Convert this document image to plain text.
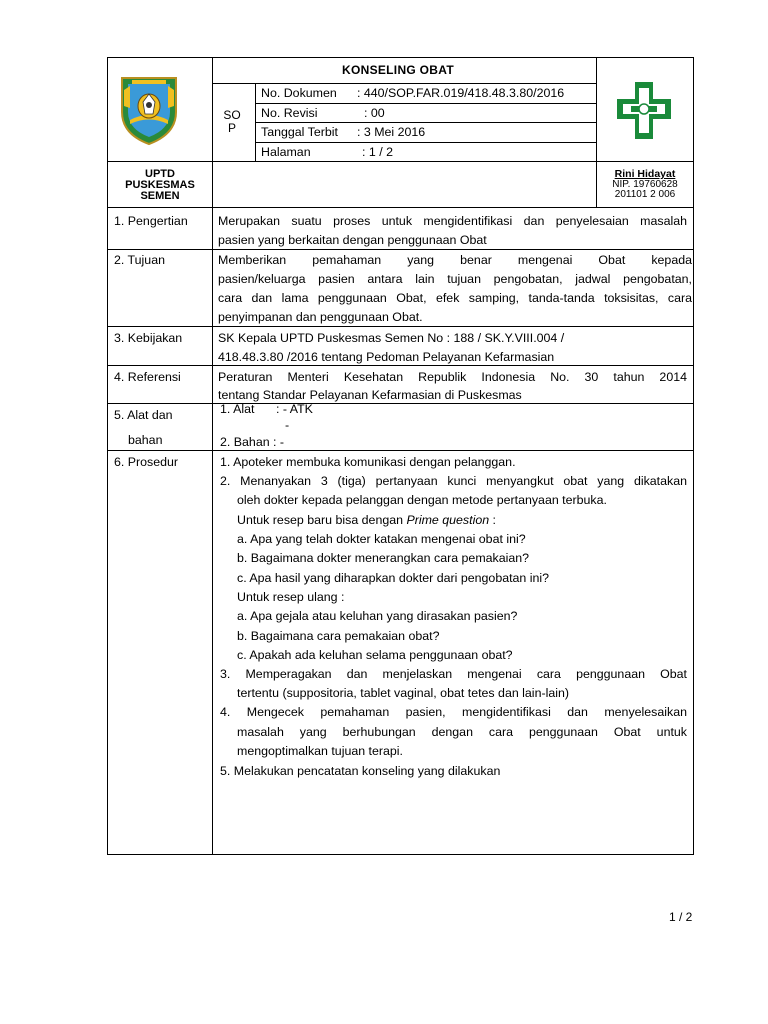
KONSELING OBAT
SO
P
No. Dokumen : 440/SOP.FAR.019/418.48.3.80/2016
No. Revisi	: 00
Tanggal Terbit : 3 Mei 2016
Halaman	: 1 / 2
UPTD
PUSKESMAS
SEMEN
Rini Hidayat
NIP. 19760628
201101 2 006
1. Pengertian Merupakan suatu proses untuk mengidentifikasi dan penyelesaian masalah
pasien yang berkaitan dengan penggunaan Obat
2. Tujuan	Memberikan pemahaman yang benar mengenai Obat kepada
pasien/keluarga pasien antara lain tujuan pengobatan, jadwal pengobatan,
cara dan lama penggunaan Obat, efek samping, tanda-tanda toksisitas, cara
penyimpanan dan penggunaan Obat.
3. Kebijakan	SK Kepala UPTD Puskesmas Semen No : 188 / SK.Y.VIII.004 /
418.48.3.80 /2016 tentang Pedoman Pelayanan Kefarmasian
4. Referensi	Peraturan Menteri Kesehatan Republik Indonesia No. 30 tahun 2014
tentang Standar Pelayanan Kefarmasian di Puskesmas
5. Alat dan
bahan
1. Alat : - ATK
-
2. Bahan : -
6. Prosedur	1. Apoteker membuka komunikasi dengan pelanggan.
2. Menanyakan 3 (tiga) pertanyaan kunci menyangkut obat yang dikatakan
oleh dokter kepada pelanggan dengan metode pertanyaan terbuka.
Untuk resep baru bisa dengan Prime question :
a. Apa yang telah dokter katakan mengenai obat ini?
b. Bagaimana dokter menerangkan cara pemakaian?
c. Apa hasil yang diharapkan dokter dari pengobatan ini?
Untuk resep ulang :
a. Apa gejala atau keluhan yang dirasakan pasien?
b. Bagaimana cara pemakaian obat?
c. Apakah ada keluhan selama penggunaan obat?
3. Memperagakan dan menjelaskan mengenai cara penggunaan Obat
tertentu (suppositoria, tablet vaginal, obat tetes dan lain-lain)
4. Mengecek pemahaman pasien, mengidentifikasi dan menyelesaikan
masalah yang berhubungan dengan cara penggunaan Obat untuk
mengoptimalkan tujuan terapi.
5. Melakukan pencatatan konseling yang dilakukan
1 / 2
